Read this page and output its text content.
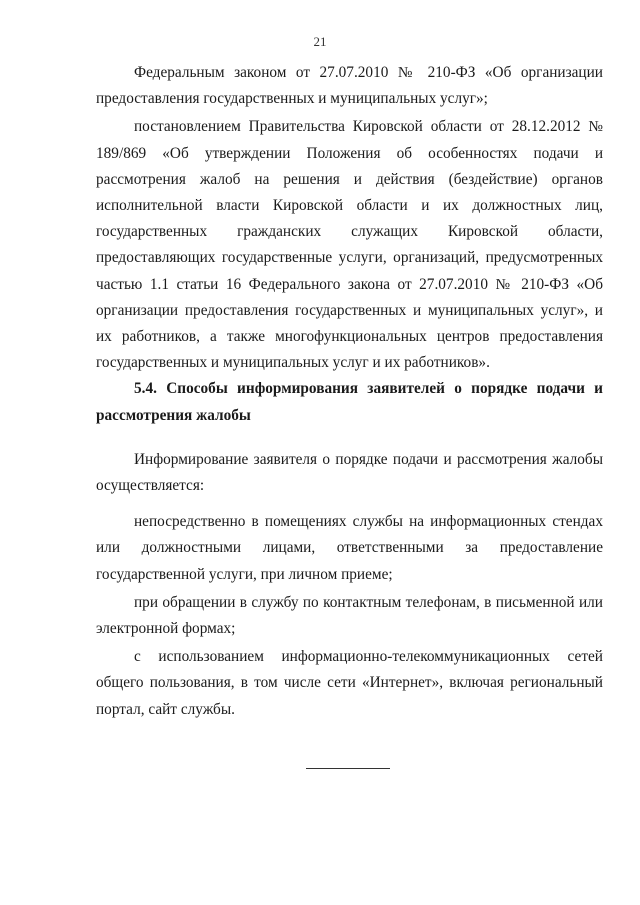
21

Федеральным законом от 27.07.2010 № 210-ФЗ «Об организации предоставления государственных и муниципальных услуг»;

постановлением Правительства Кировской области от 28.12.2012 № 189/869 «Об утверждении Положения об особенностях подачи и рассмотрения жалоб на решения и действия (бездействие) органов исполнительной власти Кировской области и их должностных лиц, государственных гражданских служащих Кировской области, предоставляющих государственные услуги, организаций, предусмотренных частью 1.1 статьи 16 Федерального закона от 27.07.2010 № 210-ФЗ «Об организации предоставления государственных и муниципальных услуг», и их работников, а также многофункциональных центров предоставления государственных и муниципальных услуг и их работников».

5.4. Способы информирования заявителей о порядке подачи и рассмотрения жалобы

Информирование заявителя о порядке подачи и рассмотрения жалобы осуществляется:

непосредственно в помещениях службы на информационных стендах или должностными лицами, ответственными за предоставление государственной услуги, при личном приеме;

при обращении в службу по контактным телефонам, в письменной или электронной формах;

с использованием информационно-телекоммуникационных сетей общего пользования, в том числе сети «Интернет», включая региональный портал, сайт службы.
